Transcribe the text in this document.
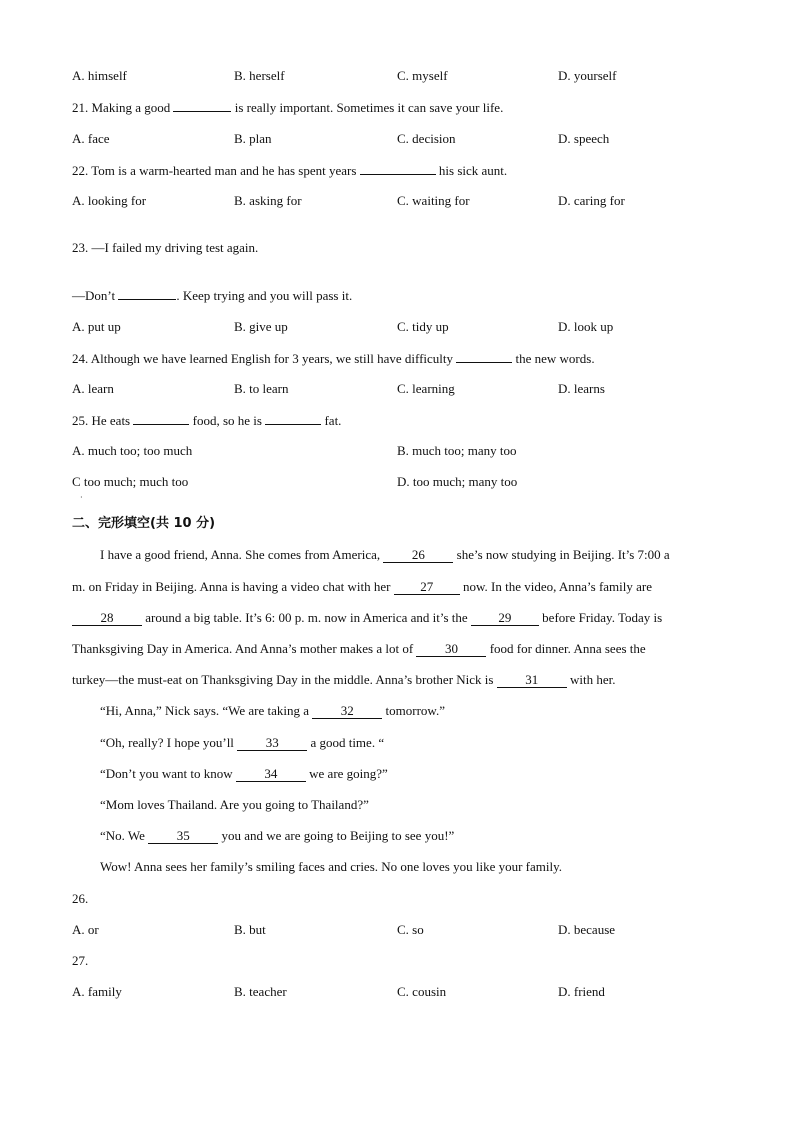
A. himself	B. herself	C. myself	D. yourself
21. Making a good	is really important. Sometimes it can save your life.
A. face	B. plan	C. decision	D. speech
22. Tom is a warm-hearted man and he has spent years	his sick aunt.
A. looking for	B. asking for	C. waiting for	D. caring for
23. —I failed my driving test again.
—Don’t	. Keep trying and you will pass it.
A. put up	B. give up	C. tidy up	D. look up
24. Although we have learned English for 3 years, we still have difficulty	the new words.
A. learn	B. to learn	C. learning	D. learns
25. He eats	food, so he is	fat.
A. much too; too much	B. much too; many too
C too much; much too	D. too much; many too
·
二、完形填空(共 10 分)
I have a good friend, Anna. She comes from America, 26 she’s now studying in Beijing. It’s 7:00 a
m. on Friday in Beijing. Anna is having a video chat with her 27 now. In the video, Anna’s family are
28 around a big table. It’s 6: 00 p. m. now in America and it’s the 29 before Friday. Today is
Thanksgiving Day in America. And Anna’s mother makes a lot of 30 food for dinner. Anna sees the
turkey—the must-eat on Thanksgiving Day in the middle. Anna’s brother Nick is 31 with her.
“Hi, Anna,” Nick says. “We are taking a 32 tomorrow.”
“Oh, really? I hope you’ll 33 a good time. “
“Don’t you want to know 34 we are going?”
“Mom loves Thailand. Are you going to Thailand?”
“No. We 35 you and we are going to Beijing to see you!”
Wow! Anna sees her family’s smiling faces and cries. No one loves you like your family.
26.
A. or	B. but	C. so	D. because
27.
A. family	B. teacher	C. cousin	D. friend
